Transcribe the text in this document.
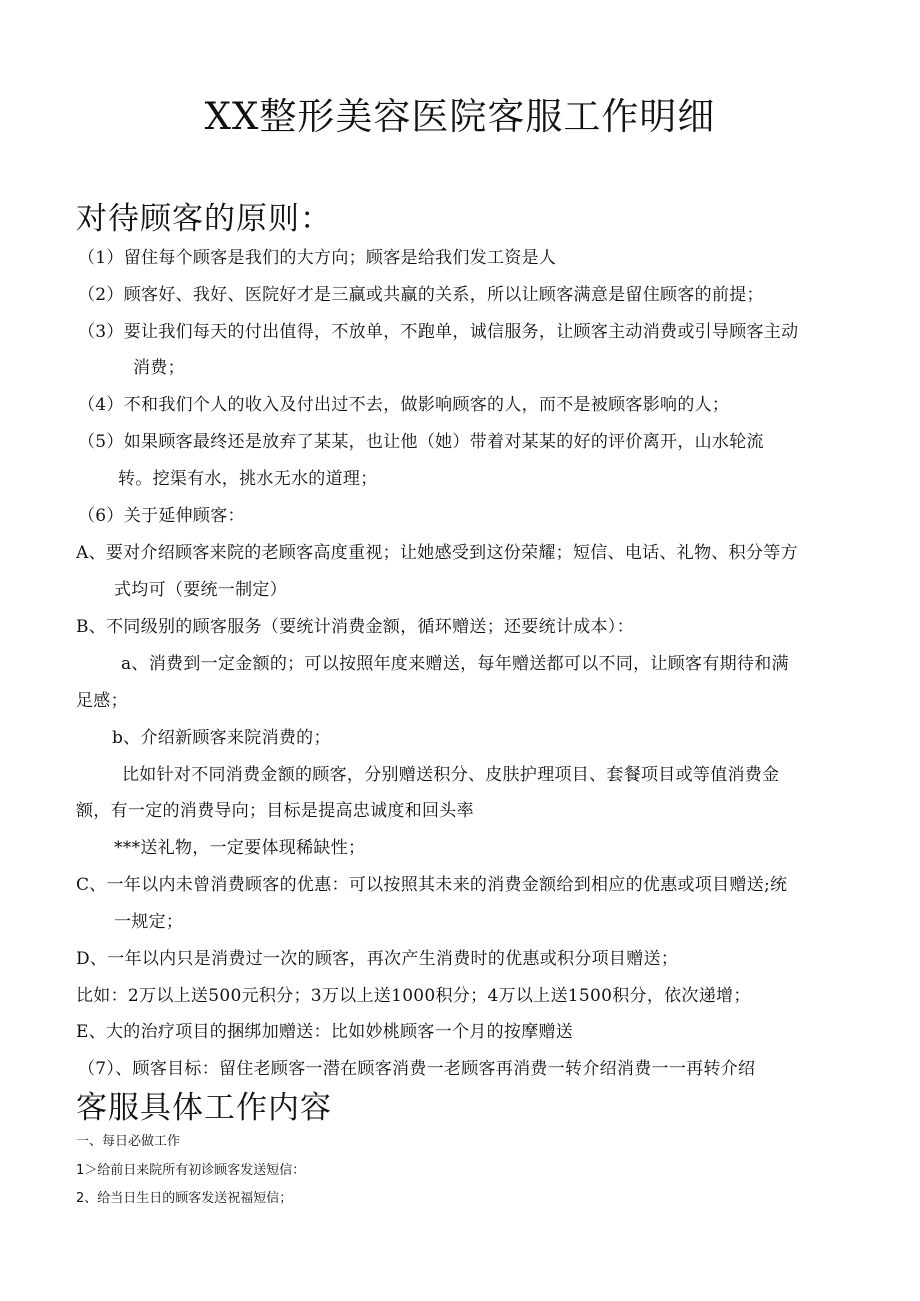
XX整形美容医院客服工作明细
对待顾客的原则：
（1）留住每个顾客是我们的大方向；顾客是给我们发工资是人
（2）顾客好、我好、医院好才是三赢或共赢的关系，所以让顾客满意是留住顾客的前提；
（3）要让我们每天的付出值得，不放单，不跑单，诚信服务，让顾客主动消费或引导顾客主动
消费；
（4）不和我们个人的收入及付出过不去，做影响顾客的人，而不是被顾客影响的人；
（5）如果顾客最终还是放弃了某某，也让他（她）带着对某某的好的评价离开，山水轮流
转。挖渠有水，挑水无水的道理；
（6）关于延伸顾客：
A、要对介绍顾客来院的老顾客高度重视；让她感受到这份荣耀；短信、电话、礼物、积分等方
式均可（要统一制定）
B、不同级别的顾客服务（要统计消费金额，循环赠送；还要统计成本）：
a、消费到一定金额的；可以按照年度来赠送，每年赠送都可以不同，让顾客有期待和满
足感；
b、介绍新顾客来院消费的；
比如针对不同消费金额的顾客，分别赠送积分、皮肤护理项目、套餐项目或等值消费金
额，有一定的消费导向；目标是提高忠诚度和回头率
***送礼物，一定要体现稀缺性；
C、一年以内未曾消费顾客的优惠：可以按照其未来的消费金额给到相应的优惠或项目赠送;统
一规定；
D、一年以内只是消费过一次的顾客，再次产生消费时的优惠或积分项目赠送；
比如：2万以上送500元积分；3万以上送1000积分；4万以上送1500积分，依次递增；
E、大的治疗项目的捆绑加赠送：比如妙桃顾客一个月的按摩赠送
（7）、顾客目标：留住老顾客一潜在顾客消费一老顾客再消费一转介绍消费一一再转介绍
客服具体工作内容
一、每日必做工作
1＞给前日来院所有初诊顾客发送短信：
2、给当日生日的顾客发送祝福短信；
